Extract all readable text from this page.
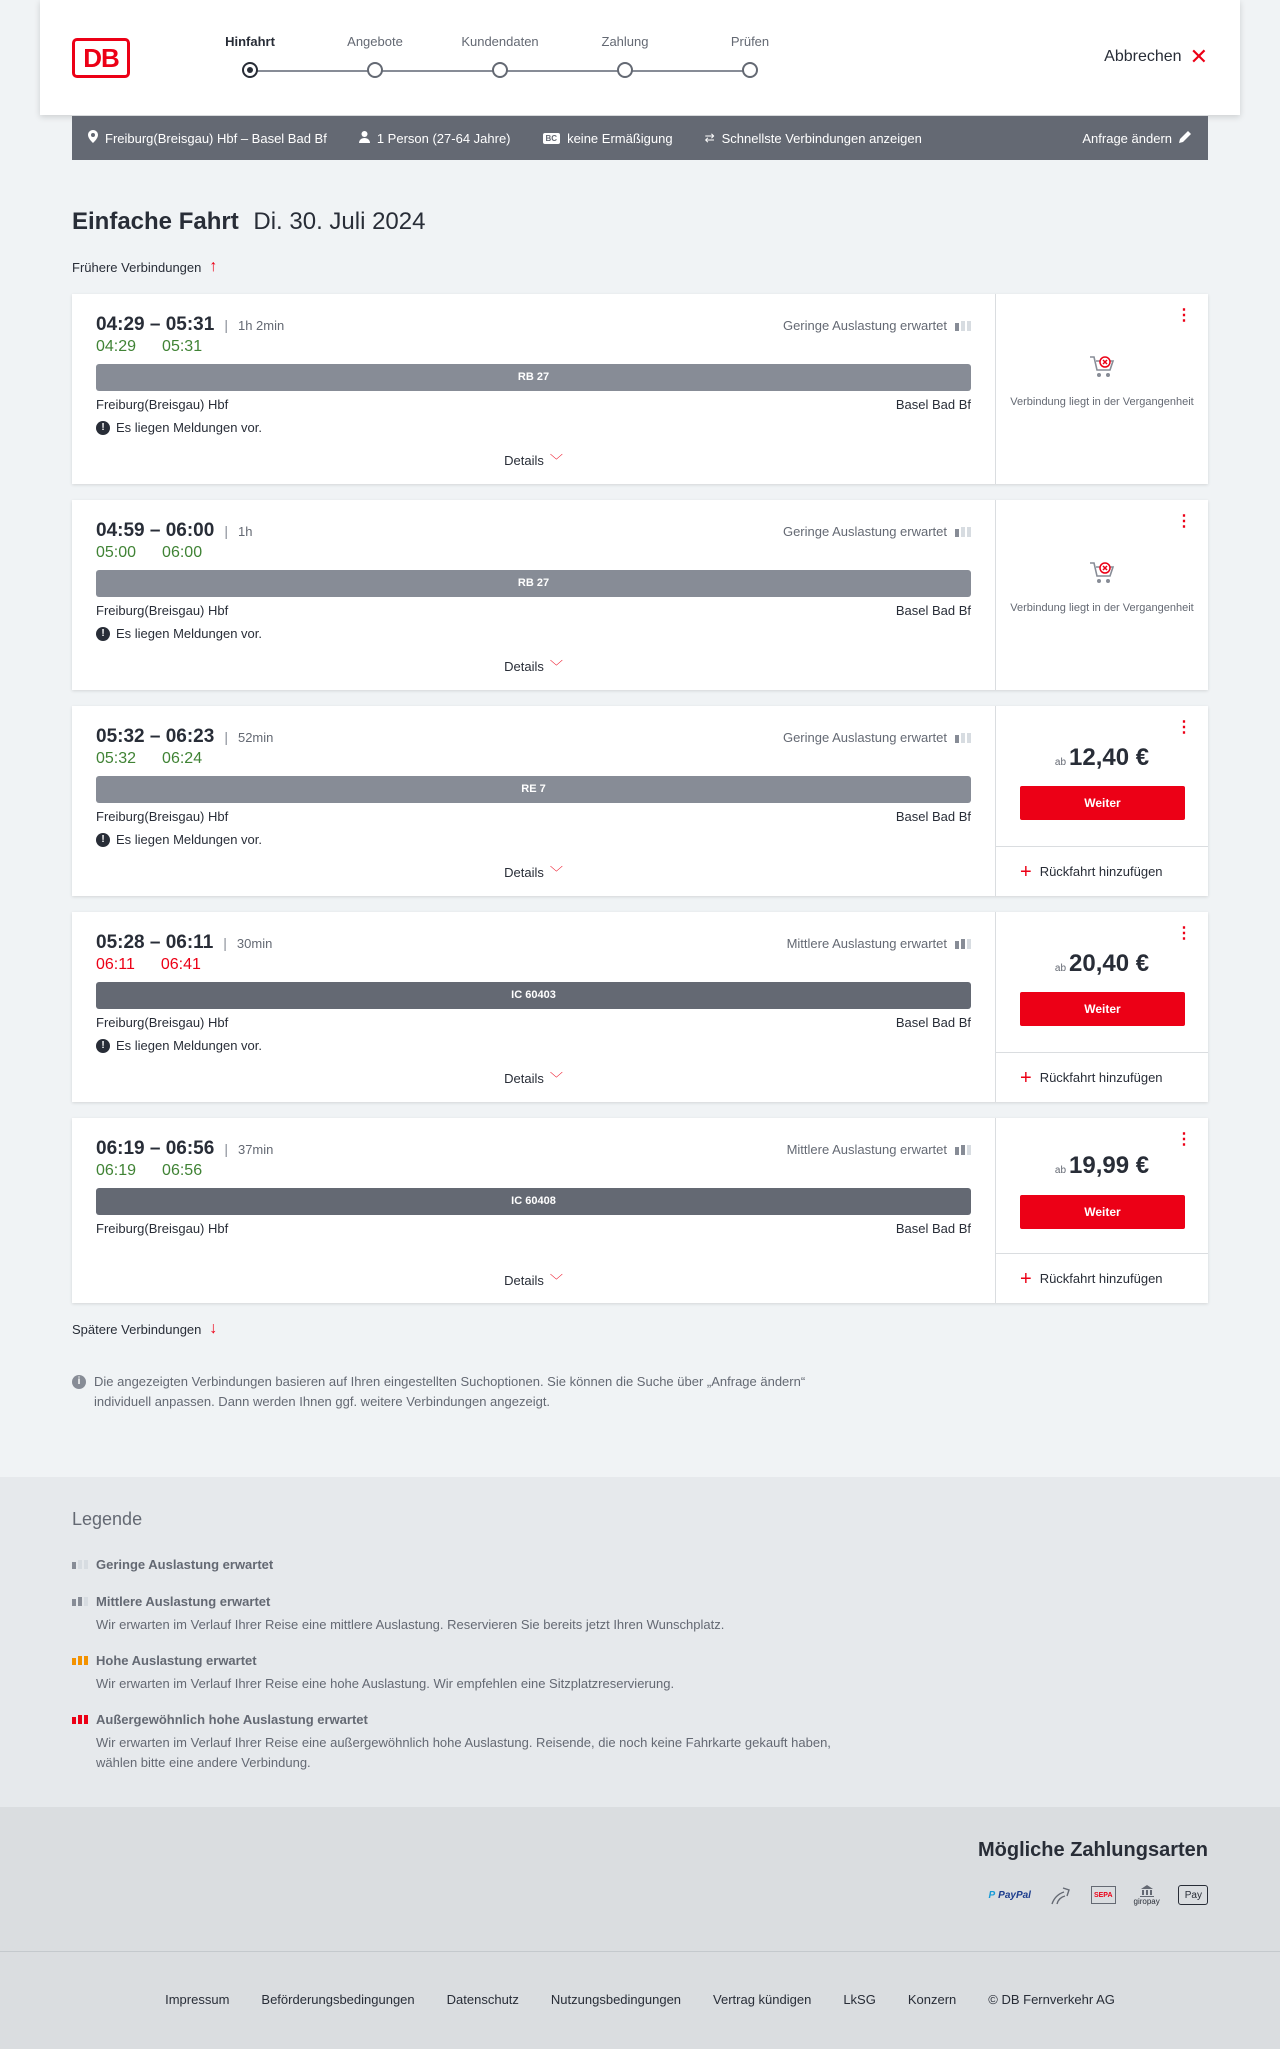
DB
Hinfahrt	Angebote	Kundendaten	Zahlung	Prüfen
Abbrechen ✕
Freiburg(Breisgau) Hbf – Basel Bad Bf	1 Person (27-64 Jahre)	BC keine Ermäßigung	⇄ Schnellste Verbindungen anzeigen	Anfrage ändern
Einfache Fahrt Di. 30. Juli 2024
Frühere Verbindungen ↑
04:29 – 05:31 | 1h 2min	Geringe Auslastung erwartet
04:29 05:31
RB 27
Freiburg(Breisgau) Hbf	Basel Bad Bf
! Es liegen Meldungen vor.
Details ﹀
⋮
Verbindung liegt in der Vergangenheit
04:59 – 06:00 | 1h	Geringe Auslastung erwartet
05:00 06:00
RB 27
Freiburg(Breisgau) Hbf	Basel Bad Bf
! Es liegen Meldungen vor.
Details ﹀
⋮
Verbindung liegt in der Vergangenheit
05:32 – 06:23 | 52min	Geringe Auslastung erwartet
05:32 06:24
RE 7
Freiburg(Breisgau) Hbf	Basel Bad Bf
! Es liegen Meldungen vor.
Details ﹀
⋮
ab 12,40 €
Weiter
+ Rückfahrt hinzufügen
05:28 – 06:11 | 30min	Mittlere Auslastung erwartet
06:11 06:41
IC 60403
Freiburg(Breisgau) Hbf	Basel Bad Bf
! Es liegen Meldungen vor.
Details ﹀
⋮
ab 20,40 €
Weiter
+ Rückfahrt hinzufügen
06:19 – 06:56 | 37min	Mittlere Auslastung erwartet
06:19 06:56
IC 60408
Freiburg(Breisgau) Hbf	Basel Bad Bf
Details ﹀
⋮
ab 19,99 €
Weiter
+ Rückfahrt hinzufügen
Spätere Verbindungen ↓
i	Die angezeigten Verbindungen basieren auf Ihren eingestellten Suchoptionen. Sie können die Suche über „Anfrage ändern“ individuell anpassen. Dann werden Ihnen ggf. weitere Verbindungen angezeigt.
Legende
Geringe Auslastung erwartet
Mittlere Auslastung erwartet
Wir erwarten im Verlauf Ihrer Reise eine mittlere Auslastung. Reservieren Sie bereits jetzt Ihren Wunschplatz.
Hohe Auslastung erwartet
Wir erwarten im Verlauf Ihrer Reise eine hohe Auslastung. Wir empfehlen eine Sitzplatzreservierung.
Außergewöhnlich hohe Auslastung erwartet
Wir erwarten im Verlauf Ihrer Reise eine außergewöhnlich hohe Auslastung. Reisende, die noch keine Fahrkarte gekauft haben, wählen bitte eine andere Verbindung.
Mögliche Zahlungsarten
P PayPal	SEPA
giropay
Pay
Impressum Beförderungsbedingungen Datenschutz Nutzungsbedingungen Vertrag kündigen LkSG Konzern © DB Fernverkehr AG
